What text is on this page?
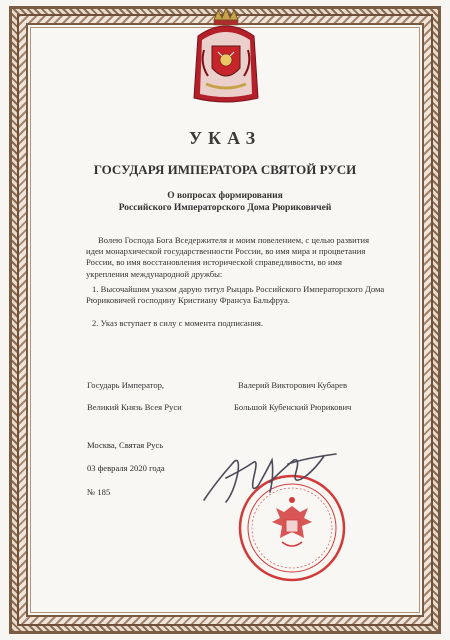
УКАЗ
ГОСУДАРЯ ИМПЕРАТОРА СВЯТОЙ РУСИ
О вопросах формирования
Российского Императорского Дома Рюриковичей
Волею Господа Бога Вседержителя и моим повелением, с целью развития идеи монархической государственности России, во имя мира и процветания России, во имя восстановления исторической справедливости, во имя укрепления международной дружбы:
1. Высочайшим указом дарую титул Рыцарь Российского Императорского Дома Рюриковичей господину Кристиану Франсуа Бальфруа.
2. Указ вступает в силу с момента подписания.
Государь Император,
Великий Князь Всея Руси
Валерий Викторович Кубарев
Большой Кубенский Рюрикович
Москва, Святая Русь
03 февраля 2020 года
№ 185
